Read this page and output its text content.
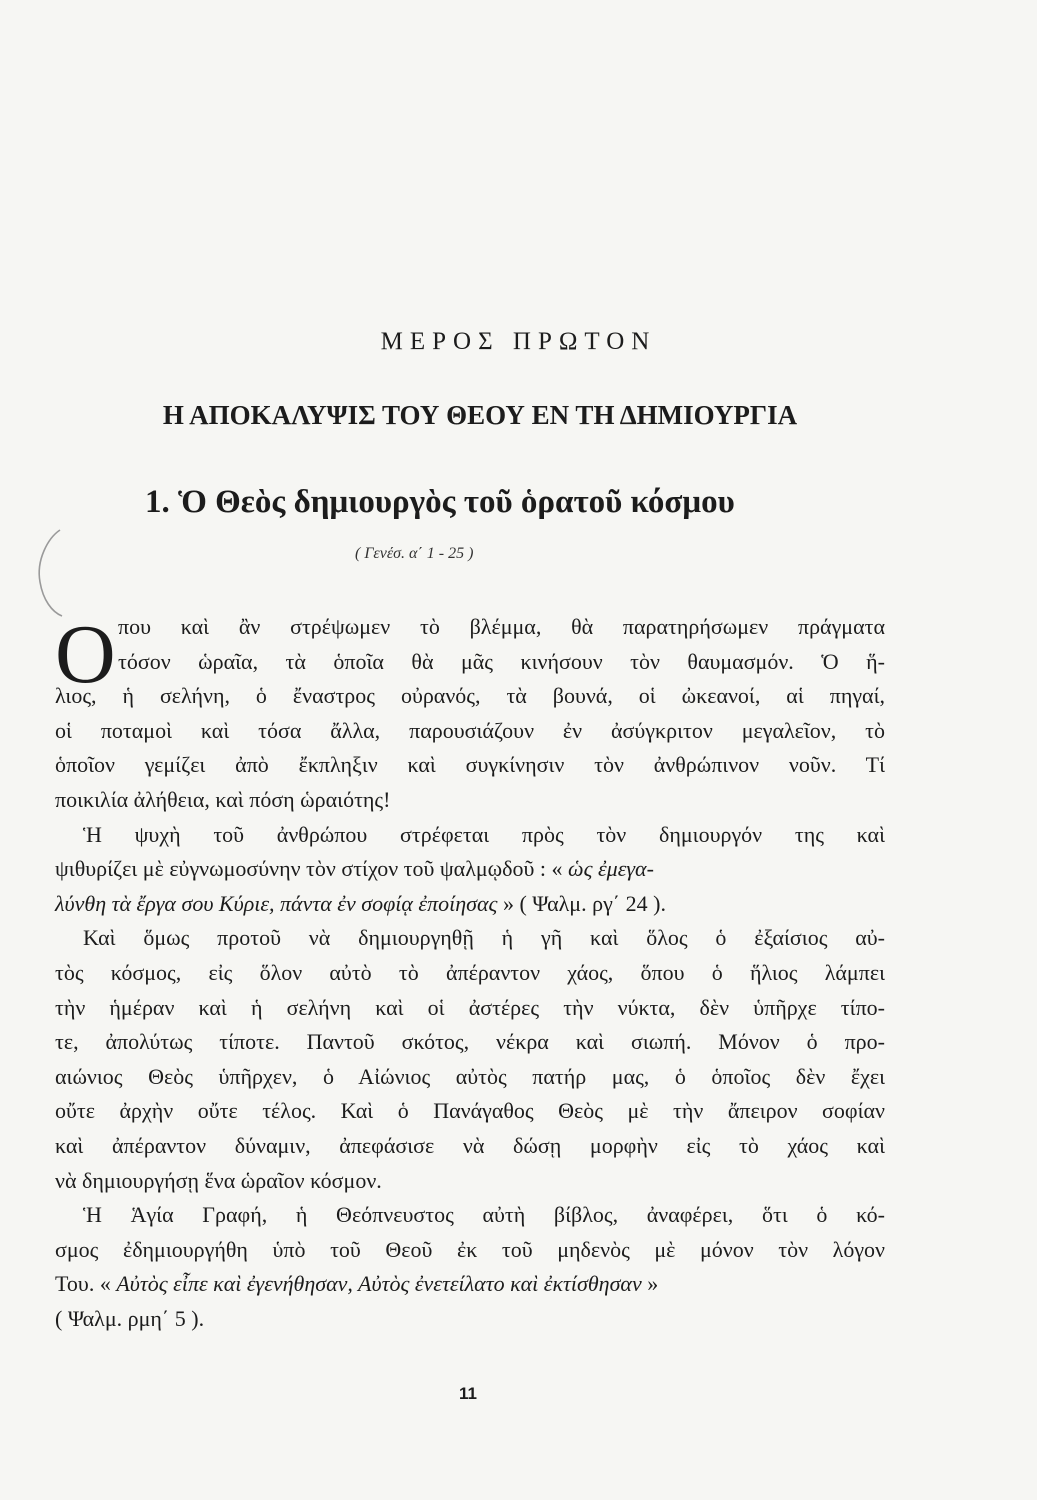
ΜΕΡΟΣ ΠΡΩΤΟΝ
Η ΑΠΟΚΑΛΥΨΙΣ ΤΟΥ ΘΕΟΥ ΕΝ ΤΗ ΔΗΜΙΟΥΡΓΙΑ
1. Ὁ Θεὸς δημιουργὸς τοῦ ὁρατοῦ κόσμου
( Γενέσ. α΄ 1 - 25 )
Ο που καὶ ἂν στρέψωμεν τὸ βλέμμα, θὰ παρατηρήσωμεν πράγματα
τόσον ὡραῖα, τὰ ὁποῖα θὰ μᾶς κινήσουν τὸν θαυμασμόν. Ὁ ἥ-
λιος, ἡ σελήνη, ὁ ἔναστρος οὐρανός, τὰ βουνά, οἱ ὠκεανοί, αἱ πηγαί,
οἱ ποταμοὶ καὶ τόσα ἄλλα, παρουσιάζουν ἐν ἀσύγκριτον μεγαλεῖον, τὸ
ὁποῖον γεμίζει ἀπὸ ἔκπληξιν καὶ συγκίνησιν τὸν ἀνθρώπινον νοῦν. Τί
ποικιλία ἀλήθεια, καὶ πόση ὡραιότης!
Ἡ ψυχὴ τοῦ ἀνθρώπου στρέφεται πρὸς τὸν δημιουργόν της καὶ
ψιθυρίζει μὲ εὐγνωμοσύνην τὸν στίχον τοῦ ψαλμῳδοῦ : « ὡς ἐμεγα-
λύνθη τὰ ἔργα σου Κύριε, πάντα ἐν σοφίᾳ ἐποίησας » ( Ψαλμ. ργ΄ 24 ).
Καὶ ὅμως προτοῦ νὰ δημιουργηθῇ ἡ γῆ καὶ ὅλος ὁ ἐξαίσιος αὐ-
τὸς κόσμος, εἰς ὅλον αὐτὸ τὸ ἀπέραντον χάος, ὅπου ὁ ἥλιος λάμπει
τὴν ἡμέραν καὶ ἡ σελήνη καὶ οἱ ἀστέρες τὴν νύκτα, δὲν ὑπῆρχε τίπο-
τε, ἀπολύτως τίποτε. Παντοῦ σκότος, νέκρα καὶ σιωπή. Μόνον ὁ προ-
αιώνιος Θεὸς ὑπῆρχεν, ὁ Αἰώνιος αὐτὸς πατήρ μας, ὁ ὁποῖος δὲν ἔχει
οὔτε ἀρχὴν οὔτε τέλος. Καὶ ὁ Πανάγαθος Θεὸς μὲ τὴν ἄπειρον σοφίαν
καὶ ἀπέραντον δύναμιν, ἀπεφάσισε νὰ δώσῃ μορφὴν εἰς τὸ χάος καὶ
νὰ δημιουργήσῃ ἕνα ὡραῖον κόσμον.
Ἡ Ἁγία Γραφή, ἡ Θεόπνευστος αὐτὴ βίβλος, ἀναφέρει, ὅτι ὁ κό-
σμος ἐδημιουργήθη ὑπὸ τοῦ Θεοῦ ἐκ τοῦ μηδενὸς μὲ μόνον τὸν λόγον
Του. « Αὐτὸς εἶπε καὶ ἐγενήθησαν, Αὐτὸς ἐνετείλατο καὶ ἐκτίσθησαν »
( Ψαλμ. ρμη΄ 5 ).
11
